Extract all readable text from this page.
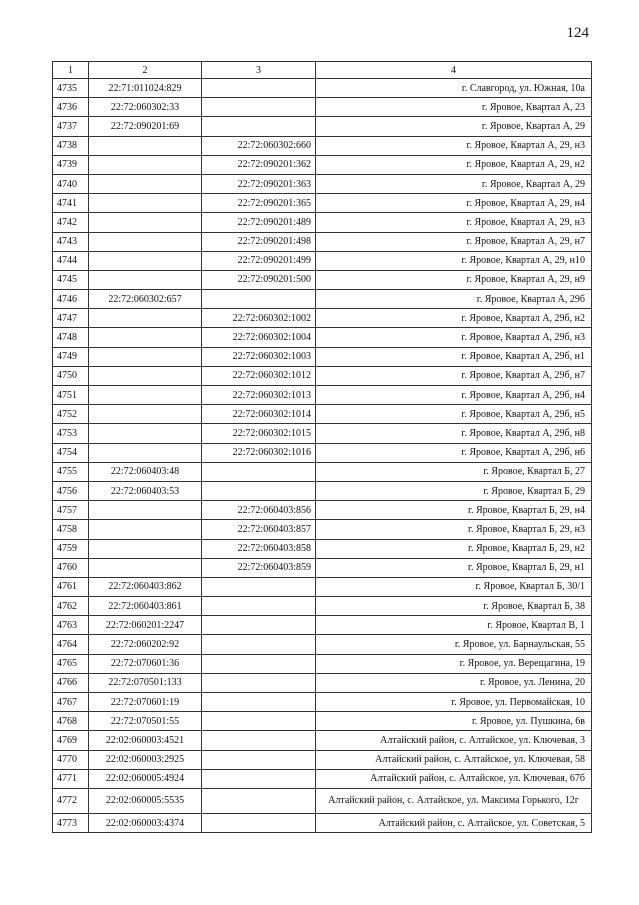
124
1	2	3	4
4735	22:71:011024:829		г. Славгород, ул. Южная, 10а
4736	22:72:060302:33		г. Яровое, Квартал А, 23
4737	22:72:090201:69		г. Яровое, Квартал А, 29
4738		22:72:060302:660	г. Яровое, Квартал А, 29, н3
4739		22:72:090201:362	г. Яровое, Квартал А, 29, н2
4740		22:72:090201:363	г. Яровое, Квартал А, 29
4741		22:72:090201:365	г. Яровое, Квартал А, 29, н4
4742		22:72:090201:489	г. Яровое, Квартал А, 29, н3
4743		22:72:090201:498	г. Яровое, Квартал А, 29, н7
4744		22:72:090201:499	г. Яровое, Квартал А, 29, н10
4745		22:72:090201:500	г. Яровое, Квартал А, 29, н9
4746	22:72:060302:657		г. Яровое, Квартал А, 29б
4747		22:72:060302:1002	г. Яровое, Квартал А, 29б, н2
4748		22:72:060302:1004	г. Яровое, Квартал А, 29б, н3
4749		22:72:060302:1003	г. Яровое, Квартал А, 29б, н1
4750		22:72:060302:1012	г. Яровое, Квартал А, 29б, н7
4751		22:72:060302:1013	г. Яровое, Квартал А, 29б, н4
4752		22:72:060302:1014	г. Яровое, Квартал А, 29б, н5
4753		22:72:060302:1015	г. Яровое, Квартал А, 29б, н8
4754		22:72:060302:1016	г. Яровое, Квартал А, 29б, н6
4755	22:72:060403:48		г. Яровое, Квартал Б, 27
4756	22:72:060403:53		г. Яровое, Квартал Б, 29
4757		22:72:060403:856	г. Яровое, Квартал Б, 29, н4
4758		22:72:060403:857	г. Яровое, Квартал Б, 29, н3
4759		22:72:060403:858	г. Яровое, Квартал Б, 29, н2
4760		22:72:060403:859	г. Яровое, Квартал Б, 29, н1
4761	22:72:060403:862		г. Яровое, Квартал Б, 30/1
4762	22:72:060403:861		г. Яровое, Квартал Б, 38
4763	22:72:060201:2247		г. Яровое, Квартал В, 1
4764	22:72:060202:92		г. Яровое, ул. Барнаульская, 55
4765	22:72:070601:36		г. Яровое, ул. Верещагина, 19
4766	22:72:070501:133		г. Яровое, ул. Ленина, 20
4767	22:72:070601:19		г. Яровое, ул. Первомайская, 10
4768	22:72:070501:55		г. Яровое, ул. Пушкина, 6в
4769	22:02:060003:4521		Алтайский район, с. Алтайское, ул. Ключевая, 3
4770	22:02:060003:2925		Алтайский район, с. Алтайское, ул. Ключевая, 58
4771	22:02:060005:4924		Алтайский район, с. Алтайское, ул. Ключевая, 67б
4772	22:02:060005:5535		Алтайский район, с. Алтайское, ул. Максима Горького, 12г
4773	22:02:060003:4374		Алтайский район, с. Алтайское, ул. Советская, 5
